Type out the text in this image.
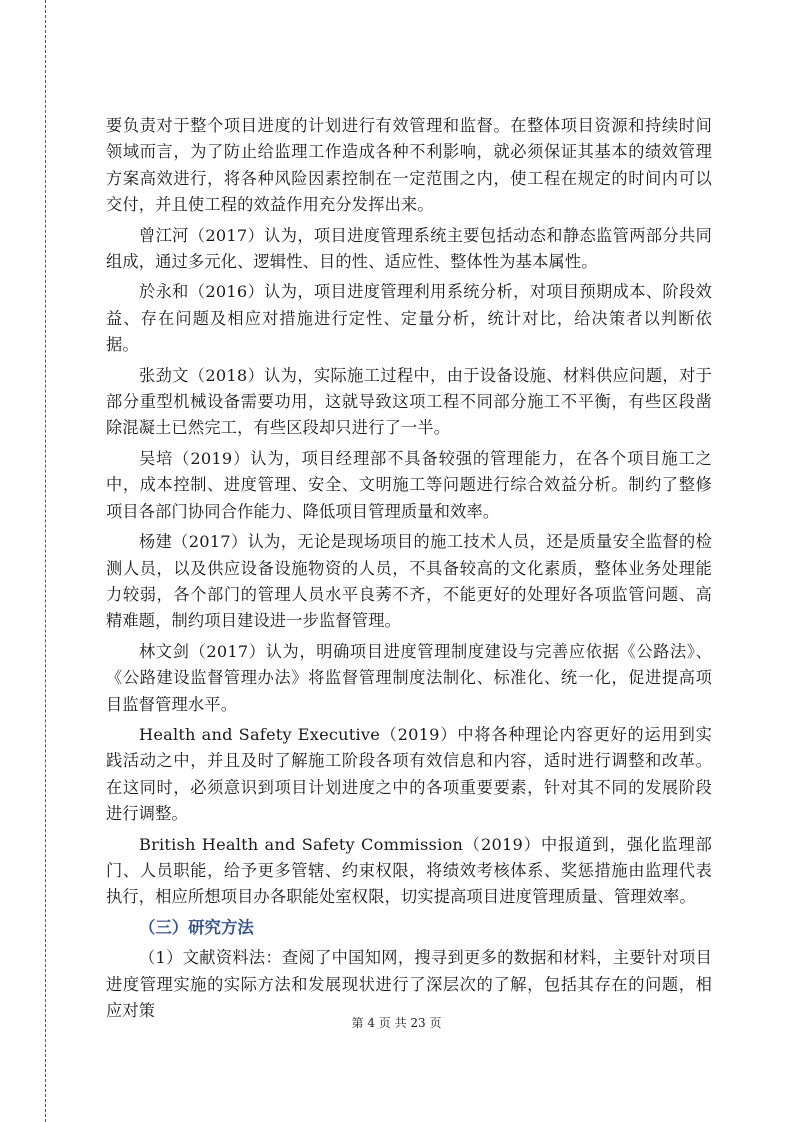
要负责对于整个项目进度的计划进行有效管理和监督。在整体项目资源和持续时间领域而言，为了防止给监理工作造成各种不利影响，就必须保证其基本的绩效管理方案高效进行，将各种风险因素控制在一定范围之内，使工程在规定的时间内可以交付，并且使工程的效益作用充分发挥出来。

曾江河（2017）认为，项目进度管理系统主要包括动态和静态监管两部分共同组成，通过多元化、逻辑性、目的性、适应性、整体性为基本属性。

於永和（2016）认为，项目进度管理利用系统分析，对项目预期成本、阶段效益、存在问题及相应对措施进行定性、定量分析，统计对比，给决策者以判断依据。

张劲文（2018）认为，实际施工过程中，由于设备设施、材料供应问题，对于部分重型机械设备需要功用，这就导致这项工程不同部分施工不平衡，有些区段凿除混凝土已然完工，有些区段却只进行了一半。

吴培（2019）认为，项目经理部不具备较强的管理能力，在各个项目施工之中，成本控制、进度管理、安全、文明施工等问题进行综合效益分析。制约了整修项目各部门协同合作能力、降低项目管理质量和效率。

杨建（2017）认为，无论是现场项目的施工技术人员，还是质量安全监督的检测人员，以及供应设备设施物资的人员，不具备较高的文化素质，整体业务处理能力较弱，各个部门的管理人员水平良莠不齐，不能更好的处理好各项监管问题、高精难题，制约项目建设进一步监督管理。

林文剑（2017）认为，明确项目进度管理制度建设与完善应依据《公路法》、《公路建设监督管理办法》将监督管理制度法制化、标准化、统一化，促进提高项目监督管理水平。

Health and Safety Executive（2019）中将各种理论内容更好的运用到实践活动之中，并且及时了解施工阶段各项有效信息和内容，适时进行调整和改革。在这同时，必须意识到项目计划进度之中的各项重要要素，针对其不同的发展阶段进行调整。

British Health and Safety Commission（2019）中报道到，强化监理部门、人员职能，给予更多管辖、约束权限，将绩效考核体系、奖惩措施由监理代表执行，相应所想项目办各职能处室权限，切实提高项目进度管理质量、管理效率。

（三）研究方法

（1）文献资料法：查阅了中国知网，搜寻到更多的数据和材料，主要针对项目进度管理实施的实际方法和发展现状进行了深层次的了解，包括其存在的问题，相应对策

第 4 页 共 23 页
